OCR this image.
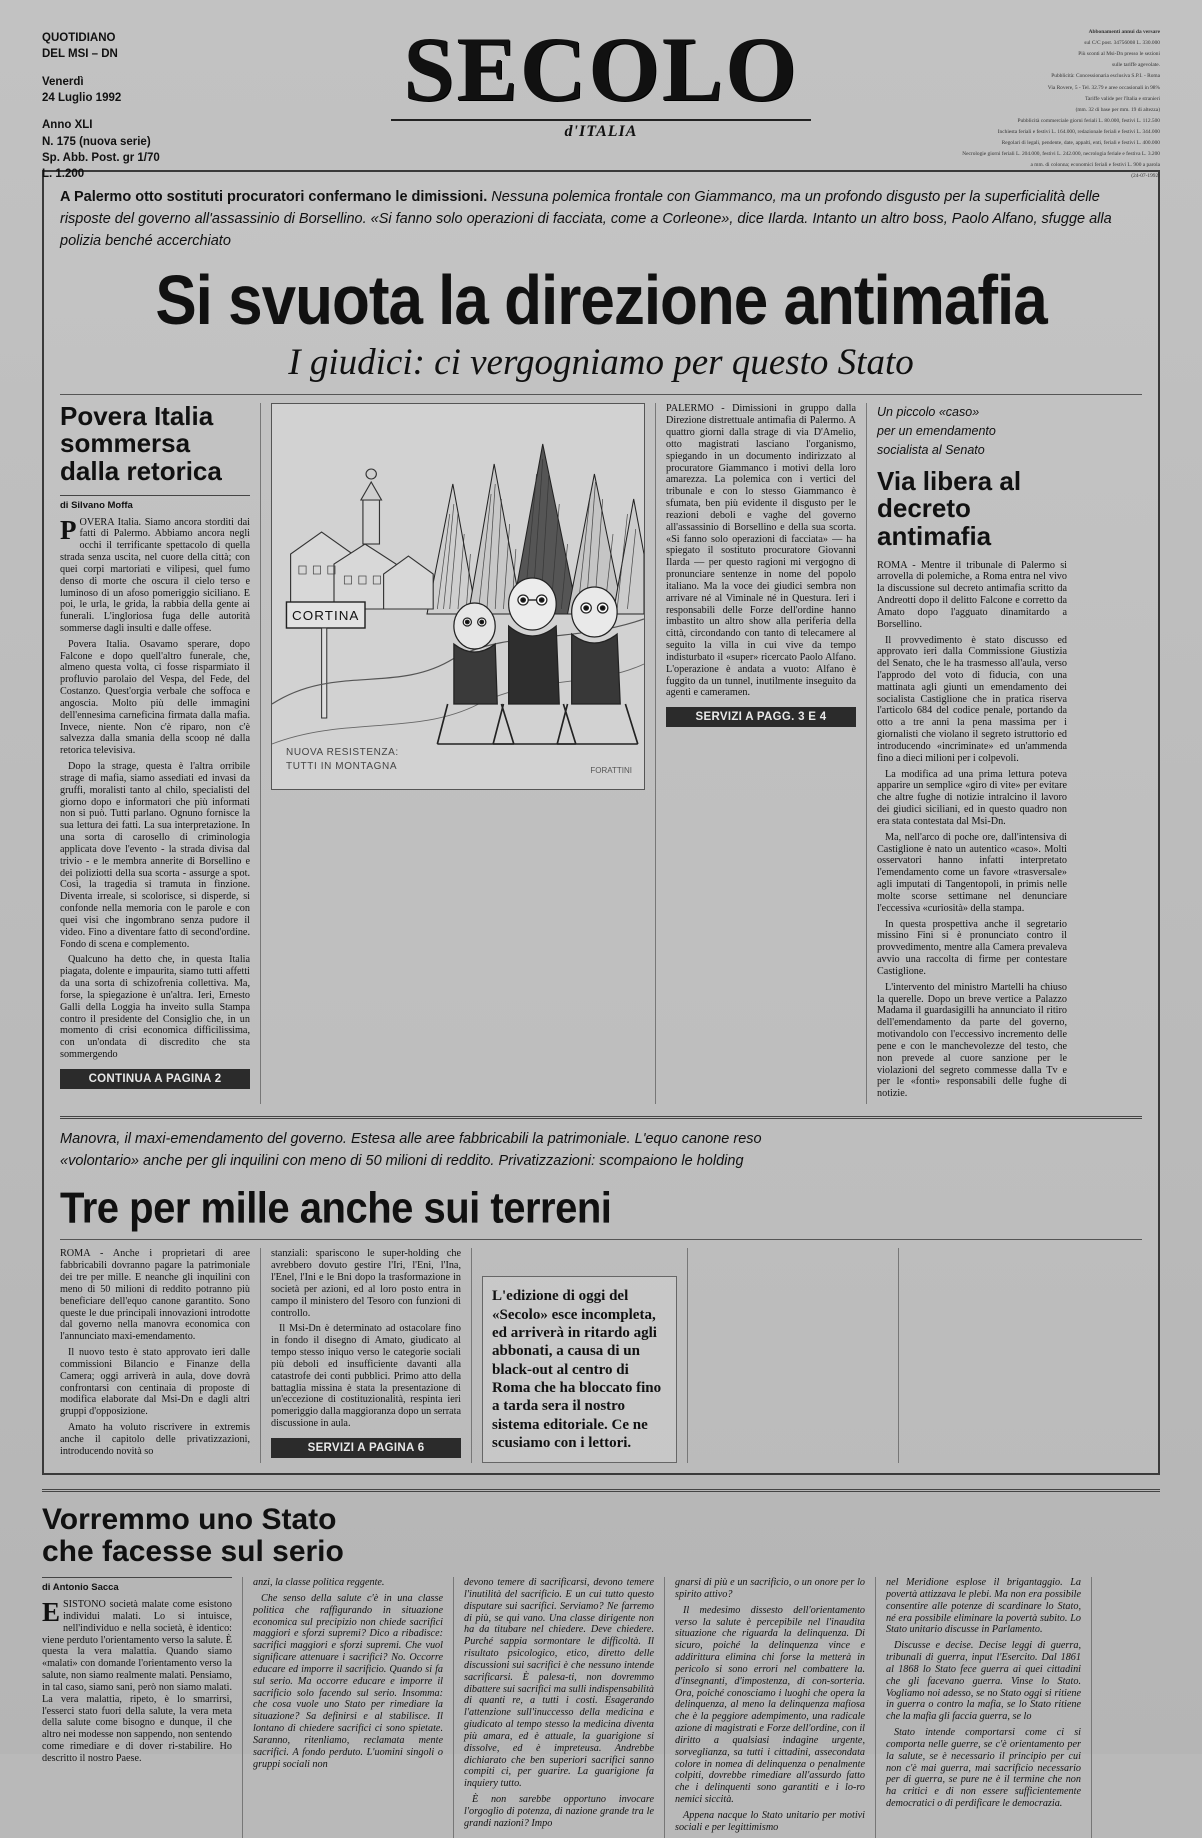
QUOTIDIANO
DEL MSI – DN
Venerdì
24 Luglio 1992
Anno XLI
N. 175 (nuova serie)
Sp. Abb. Post. gr 1/70
L. 1.200
SECOLO
d'ITALIA

Abbonamenti annui da versare

sul C/C post. 34756008 L. 330.000

Più sconti al Msi-Dn presso le sezioni

sulle tariffe agevolate.

Pubblicità: Concessionaria esclusiva S.P.I. - Roma

Via Rovere, 5 - Tel. 32.79 e aree occasionali in 98%

Tariffe valide per l'Italia e stranieri

(mm. 32 di base per mm. 19 di altezza)

Pubblicità commerciale giorni feriali L. 80.000, festivi L. 112.500

Inchiesta feriali e festivi L. 164.000, redazionale feriali e festivi L. 344.000

Regolari di legali, pendente, date, appalti, enti, feriali e festivi L. 400.000

Necrologie giorni feriali L. 204.000, festivi L. 242.000, necrologia feriale e festiva L. 3.200

a mm. di colonna; economici feriali e festivi L. 900 a parola

(24-07-1992)

A Palermo otto sostituti procuratori confermano le dimissioni. Nessuna polemica frontale con Giammanco, ma un profondo disgusto per la superficialità delle risposte del governo all'assassinio di Borsellino. «Si fanno solo operazioni di facciata, come a Corleone», dice Ilarda. Intanto un altro boss, Paolo Alfano, sfugge alla polizia benché accerchiato

Si svuota la direzione antimafia
I giudici: ci vergogniamo per questo Stato
Povera Italia sommersa dalla retorica
di Silvano Moffa

POVERA Italia. Siamo ancora storditi dai fatti di Palermo. Abbiamo ancora negli occhi il terrificante spettacolo di quella strada senza uscita, nel cuore della città; con quei corpi martoriati e vilipesi, quel fumo denso di morte che oscura il cielo terso e luminoso di un afoso pomeriggio siciliano. E poi, le urla, le grida, la rabbia della gente ai funerali. L'ingloriosa fuga delle autorità sommerse dagli insulti e dalle offese.

Povera Italia. Osavamo sperare, dopo Falcone e dopo quell'altro funerale, che, almeno questa volta, ci fosse risparmiato il profluvio parolaio del Vespa, del Fede, del Costanzo. Quest'orgia verbale che soffoca e angoscia. Molto più delle immagini dell'ennesima carneficina firmata dalla mafia. Invece, niente. Non c'è riparo, non c'è salvezza dalla smania della scoop né dalla retorica televisiva.

Dopo la strage, questa è l'altra orribile strage di mafia, siamo assediati ed invasi da gruffi, moralisti tanto al chilo, specialisti del giorno dopo e informatori che più informati non si può. Tutti parlano. Ognuno fornisce la sua lettura dei fatti. La sua interpretazione. In una sorta di carosello di criminologia applicata dove l'evento - la strada divisa dal trivio - e le membra annerite di Borsellino e dei poliziotti della sua scorta - assurge a spot. Così, la tragedia si tramuta in finzione. Diventa irreale, si scolorisce, si disperde, si confonde nella memoria con le parole e con quei visi che ingombrano senza pudore il video. Fino a diventare fatto di second'ordine. Fondo di scena e complemento.

Qualcuno ha detto che, in questa Italia piagata, dolente e impaurita, siamo tutti affetti da una sorta di schizofrenia collettiva. Ma, forse, la spiegazione è un'altra. Ieri, Ernesto Galli della Loggia ha inveito sulla Stampa contro il presidente del Consiglio che, in un momento di crisi economica difficilissima, con un'ondata di discredito che sta sommergendo

CONTINUA A PAGINA 2
CORTINA
NUOVA RESISTENZA:
TUTTI IN MONTAGNA	FORATTINI

PALERMO - Dimissioni in gruppo dalla Direzione distrettuale antimafia di Palermo. A quattro giorni dalla strage di via D'Amelio, otto magistrati lasciano l'organismo, spiegando in un documento indirizzato al procuratore Giammanco i motivi della loro amarezza. La polemica con i vertici del tribunale e con lo stesso Giammanco è sfumata, ben più evidente il disgusto per le reazioni deboli e vaghe del governo all'assassinio di Borsellino e della sua scorta. «Si fanno solo operazioni di facciata» — ha spiegato il sostituto procuratore Giovanni Ilarda — per questo ragioni mi vergogno di pronunciare sentenze in nome del popolo italiano. Ma la voce dei giudici sembra non arrivare né al Viminale né in Questura. Ieri i responsabili delle Forze dell'ordine hanno imbastito un altro show alla periferia della città, circondando con tanto di telecamere al seguito la villa in cui vive da tempo indisturbato il «super» ricercato Paolo Alfano. L'operazione è andata a vuoto: Alfano è fuggito da un tunnel, inutilmente inseguito da agenti e cameramen.

SERVIZI A PAGG. 3 E 4

Un piccolo «caso»
per un emendamento
socialista al Senato

Via libera al decreto antimafia

ROMA - Mentre il tribunale di Palermo si arrovella di polemiche, a Roma entra nel vivo la discussione sul decreto antimafia scritto da Andreotti dopo il delitto Falcone e corretto da Amato dopo l'agguato dinamitardo a Borsellino.

Il provvedimento è stato discusso ed approvato ieri dalla Commissione Giustizia del Senato, che le ha trasmesso all'aula, verso l'approdo del voto di fiducia, con una mattinata agli giunti un emendamento dei socialista Castiglione che in pratica riserva l'articolo 684 del codice penale, portando da otto a tre anni la pena massima per i giornalisti che violano il segreto istruttorio ed introducendo «incriminate» ed un'ammenda fino a dieci milioni per i colpevoli.

La modifica ad una prima lettura poteva apparire un semplice «giro di vite» per evitare che altre fughe di notizie intralcino il lavoro dei giudici siciliani, ed in questo quadro non era stata contestata dal Msi-Dn.

Ma, nell'arco di poche ore, dall'intensiva di Castiglione è nato un autentico «caso». Molti osservatori hanno infatti interpretato l'emendamento come un favore «trasversale» agli imputati di Tangentopoli, in primis nelle molte scorse settimane nel denunciare l'eccessiva «curiosità» della stampa.

In questa prospettiva anche il segretario missino Fini si è pronunciato contro il provvedimento, mentre alla Camera prevaleva avvio una raccolta di firme per contestare Castiglione.

L'intervento del ministro Martelli ha chiuso la querelle. Dopo un breve vertice a Palazzo Madama il guardasigilli ha annunciato il ritiro dell'emendamento da parte del governo, motivandolo con l'eccessivo incremento delle pene e con le manchevolezze del testo, che non prevede al cuore sanzione per le violazioni del segreto commesse dalla Tv e per le «fonti» responsabili delle fughe di notizie.

Manovra, il maxi-emendamento del governo. Estesa alle aree fabbricabili la patrimoniale. L'equo canone reso «volontario» anche per gli inquilini con meno di 50 milioni di reddito. Privatizzazioni: scompaiono le holding

Tre per mille anche sui terreni

ROMA - Anche i proprietari di aree fabbricabili dovranno pagare la patrimoniale dei tre per mille. E neanche gli inquilini con meno di 50 milioni di reddito potranno più beneficiare dell'equo canone garantito. Sono queste le due principali innovazioni introdotte dal governo nella manovra economica con l'annunciato maxi-emendamento.

Il nuovo testo è stato approvato ieri dalle commissioni Bilancio e Finanze della Camera; oggi arriverà in aula, dove dovrà confrontarsi con centinaia di proposte di modifica elaborate dal Msi-Dn e dagli altri gruppi d'opposizione.

Amato ha voluto riscrivere in extremis anche il capitolo delle privatizzazioni, introducendo novità so

stanziali: spariscono le super-holding che avrebbero dovuto gestire l'Iri, l'Eni, l'Ina, l'Enel, l'Ini e le Bni dopo la trasformazione in società per azioni, ed al loro posto entra in campo il ministero del Tesoro con funzioni di controllo.

Il Msi-Dn è determinato ad ostacolare fino in fondo il disegno di Amato, giudicato al tempo stesso iniquo verso le categorie sociali più deboli ed insufficiente davanti alla catastrofe dei conti pubblici. Primo atto della battaglia missina è stata la presentazione di un'eccezione di costituzionalità, respinta ieri pomeriggio dalla maggioranza dopo un serrata discussione in aula.

SERVIZI A PAGINA 6
L'edizione di oggi del «Secolo» esce incompleta, ed arriverà in ritardo agli abbonati, a causa di un black-out al centro di Roma che ha bloccato fino a tarda sera il nostro sistema editoriale. Ce ne scusiamo con i lettori.
Vorremmo uno Stato
che facesse sul serio
di Antonio Sacca

ESISTONO società malate come esistono individui malati. Lo si intuisce, nell'individuo e nella società, è identico: viene perduto l'orientamento verso la salute. È questa la vera malattia. Quando siamo «malati» con domande l'orientamento verso la salute, non siamo realmente malati. Pensiamo, in tal caso, siamo sani, però non siamo malati. La vera malattia, ripeto, è lo smarrirsi, l'esserci stato fuori della salute, la vera meta della salute come bisogno e dunque, il che altro nei modesse non sappendo, non sentendo come rimediare e di dover ri-stabilire. Ho descritto il nostro Paese.

anzi, la classe politica reggente.

Che senso della salute c'è in una classe politica che raffigurando in situazione economica sul precipizio non chiede sacrifici maggiori e sforzi supremi? Dico a ribadisce: sacrifici maggiori e sforzi supremi. Che vuol significare attenuare i sacrifici? No. Occorre educare ed imporre il sacrificio. Quando si fa sul serio. Ma occorre educare e imporre il sacrificio solo facendo sul serio. Insomma: che cosa vuole uno Stato per rimediare la situazione? Sa definirsi e al stabilisce. Il lontano di chiedere sacrifici ci sono spietate. Saranno, ritenliamo, reclamata mente sacrifici. A fondo perduto. L'uomini singoli o gruppi sociali non

devono temere di sacrificarsi, devono temere l'inutilità del sacrificio. E un cui tutto questo disputare sui sacrifici. Serviamo? Ne farremo di più, se qui vano. Una classe dirigente non ha da titubare nel chiedere. Deve chiedere. Purché sappia sormontare le difficoltà. Il risultato psicologico, etico, diretto delle discussioni sui sacrifici è che nessuno intende sacrificarsi. È palesa-ti, non dovremmo dibattere sui sacrifici ma sulli indispensabilità di quanti re, a tutti i costi. Esagerando l'attenzione sull'inuccesso della medicina e giudicato al tempo stesso la medicina diventa più amara, ed è attuale, la guarigione si dissolve, ed è impreteusa. Andrebbe dichiarato che ben superiori sacrifici sanno compiti ci, per guarire. La guarigione fa inquiery tutto.

È non sarebbe opportuno invocare l'orgoglio di potenza, di nazione grande tra le grandi nazioni? Impo

gnarsi di più e un sacrificio, o un onore per lo spirito attivo?

Il medesimo dissesto dell'orientamento verso la salute è percepibile nel l'inaudita situazione che riguarda la delinquenza. Di sicuro, poiché la delinquenza vince e addirittura elimina chi forse la metterà in pericolo si sono errori nel combattere la. d'insegnanti, d'impostenza, di con-sorteria. Ora, poiché conosciamo i luoghi che opera la delinquenza, al meno la delinquenza mafiosa che è la peggiore adempimento, una radicale azione di magistrati e Forze dell'ordine, con il diritto a qualsiasi indagine urgente, sorveglianza, sa tutti i cittadini, assecondata colore in nomea di delinquenza o penalmente colpiti, dovrebbe rimediare all'assurdo fatto che i delinquenti sono garantiti e i lo-ro nemici siccità.

Appena nacque lo Stato unitario per motivi sociali e per legittimismo

nel Meridione esplose il brigantaggio. La povertà attizzava le plebi. Ma non era possibile consentire alle potenze di scardinare lo Stato, né era possibile eliminare la povertà subito. Lo Stato unitario discusse in Parlamento.

Discusse e decise. Decise leggi di guerra, tribunali di guerra, input l'Esercito. Dal 1861 al 1868 lo Stato fece guerra ai quei cittadini che gli facevano guerra. Vinse lo Stato. Vogliamo noi adesso, se no Stato oggi si ritiene in guerra o contro la mafia, se lo Stato ritiene che la mafia gli faccia guerra, se lo

Stato intende comportarsi come ci si comporta nelle guerre, se c'è orientamento per la salute, se è necessario il principio per cui non c'è mai guerra, mai sacrificio necessario per di guerra, se pure ne è il termine che non ha critici e di non essere sufficientemente democratici o di perdificare le democrazia.
